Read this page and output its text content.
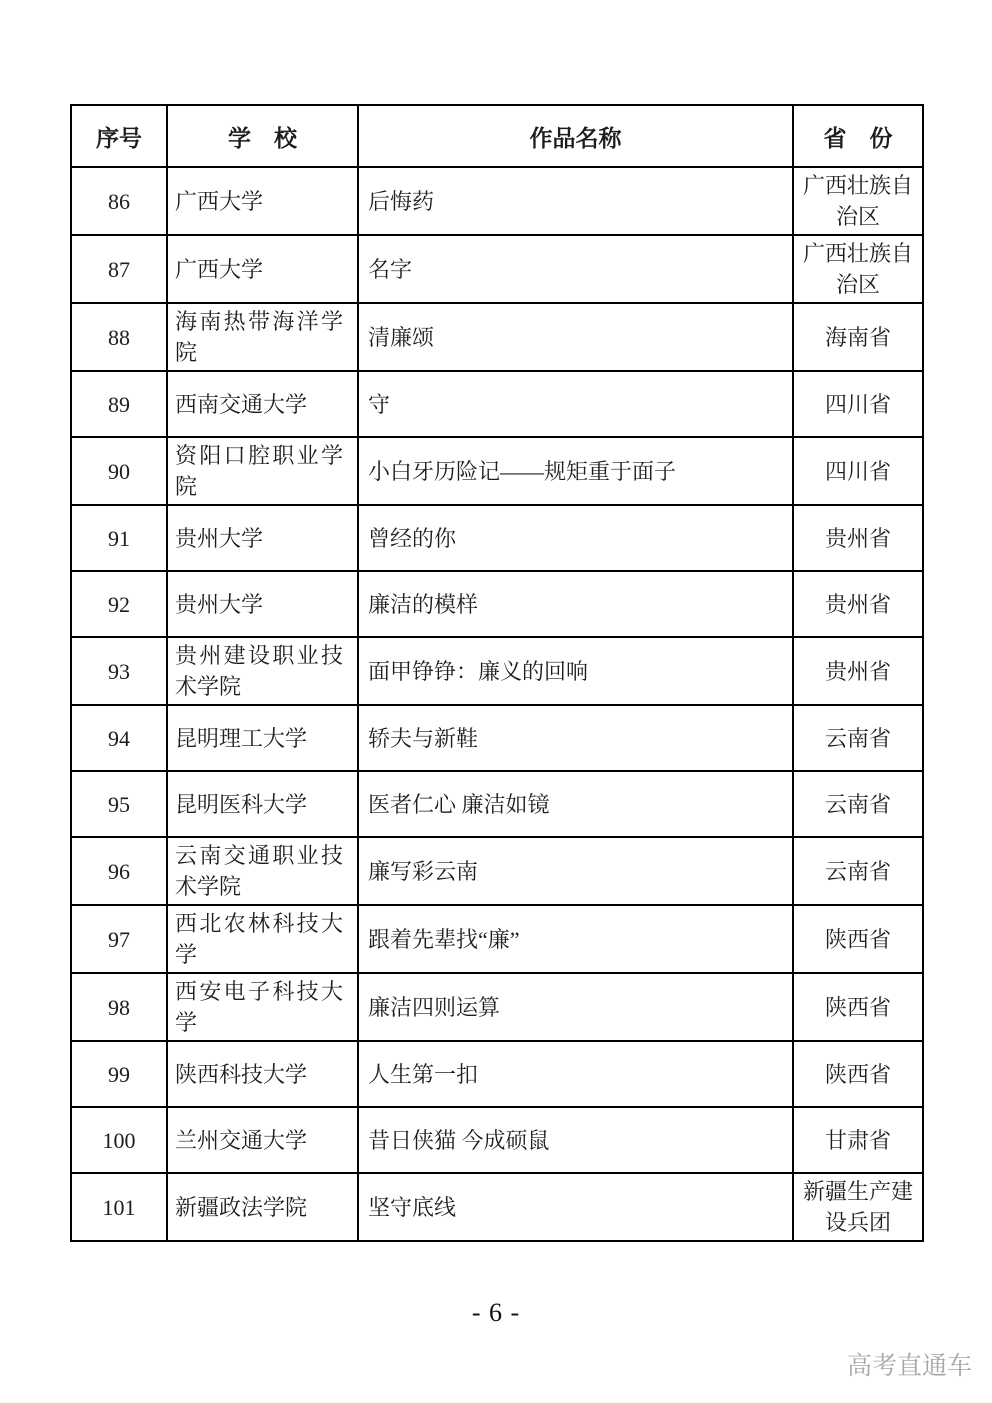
序号	学　校	作品名称	省　份
86	广西大学	后悔药	广西壮族自治区
87	广西大学	名字	广西壮族自治区
88	海南热带海洋学院	清廉颂	海南省
89	西南交通大学	守	四川省
90	资阳口腔职业学院	小白牙历险记——规矩重于面子	四川省
91	贵州大学	曾经的你	贵州省
92	贵州大学	廉洁的模样	贵州省
93	贵州建设职业技术学院	面甲铮铮：廉义的回响	贵州省
94	昆明理工大学	轿夫与新鞋	云南省
95	昆明医科大学	医者仁心 廉洁如镜	云南省
96	云南交通职业技术学院	廉写彩云南	云南省
97	西北农林科技大学	跟着先辈找“廉”	陕西省
98	西安电子科技大学	廉洁四则运算	陕西省
99	陕西科技大学	人生第一扣	陕西省
100	兰州交通大学	昔日侠猫 今成硕鼠	甘肃省
101	新疆政法学院	坚守底线	新疆生产建设兵团
- 6 -
高考直通车
